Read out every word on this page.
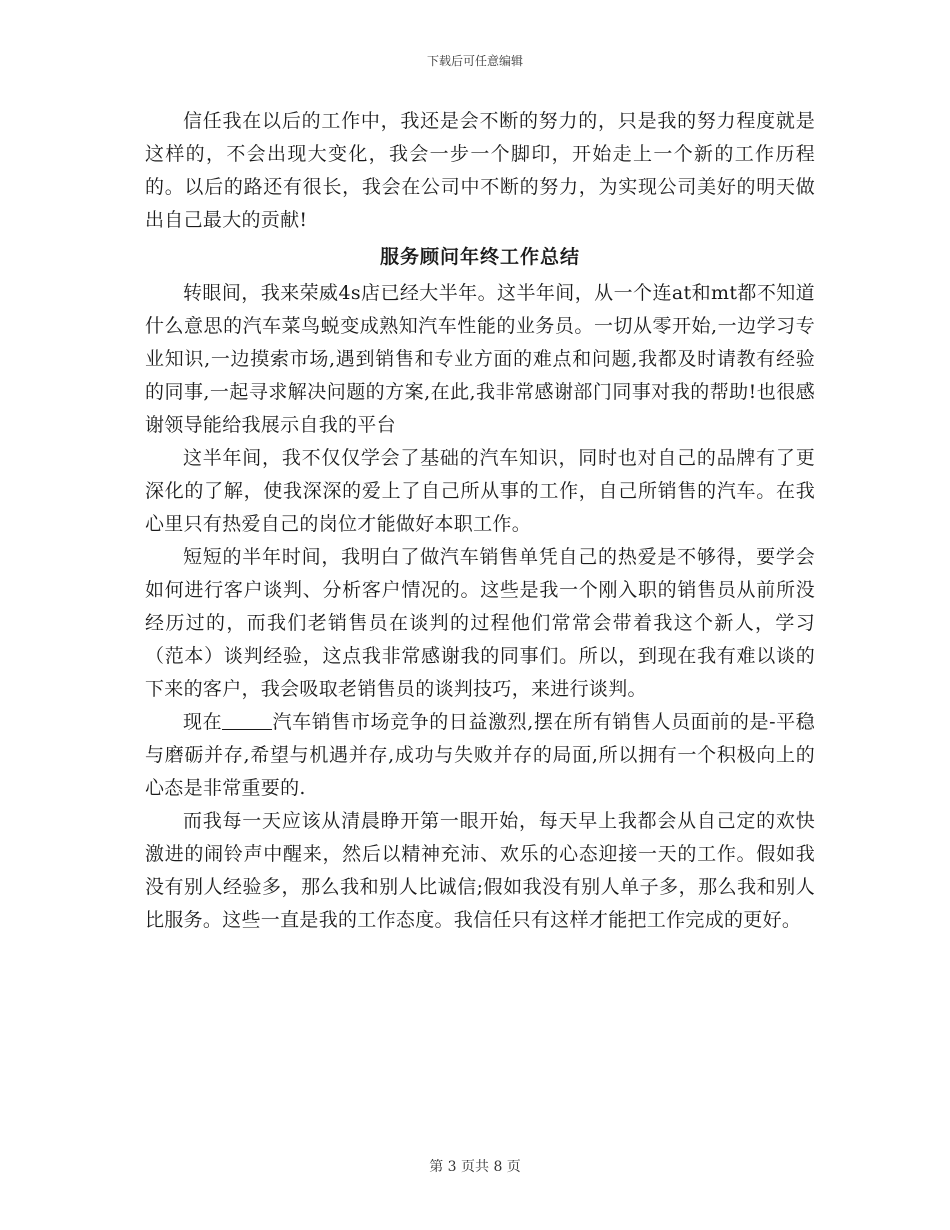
下载后可任意编辑

信任我在以后的工作中，我还是会不断的努力的，只是我的努力程度就是这样的，不会出现大变化，我会一步一个脚印，开始走上一个新的工作历程的。以后的路还有很长，我会在公司中不断的努力，为实现公司美好的明天做出自己最大的贡献!

服务顾问年终工作总结

转眼间，我来荣威4s店已经大半年。这半年间，从一个连at和mt都不知道什么意思的汽车菜鸟蜕变成熟知汽车性能的业务员。一切从零开始,一边学习专业知识,一边摸索市场,遇到销售和专业方面的难点和问题,我都及时请教有经验的同事,一起寻求解决问题的方案,在此,我非常感谢部门同事对我的帮助!也很感谢领导能给我展示自我的平台

这半年间，我不仅仅学会了基础的汽车知识，同时也对自己的品牌有了更深化的了解，使我深深的爱上了自己所从事的工作，自己所销售的汽车。在我心里只有热爱自己的岗位才能做好本职工作。

短短的半年时间，我明白了做汽车销售单凭自己的热爱是不够得，要学会如何进行客户谈判、分析客户情况的。这些是我一个刚入职的销售员从前所没经历过的，而我们老销售员在谈判的过程他们常常会带着我这个新人，学习（范本）谈判经验，这点我非常感谢我的同事们。所以，到现在我有难以谈的下来的客户，我会吸取老销售员的谈判技巧，来进行谈判。

现在	汽车销售市场竞争的日益激烈,摆在所有销售人员面前的是-平稳与磨砺并存,希望与机遇并存,成功与失败并存的局面,所以拥有一个积极向上的心态是非常重要的.

而我每一天应该从清晨睁开第一眼开始，每天早上我都会从自己定的欢快激进的闹铃声中醒来，然后以精神充沛、欢乐的心态迎接一天的工作。假如我没有别人经验多，那么我和别人比诚信;假如我没有别人单子多，那么我和别人比服务。这些一直是我的工作态度。我信任只有这样才能把工作完成的更好。

第 3 页共 8 页
